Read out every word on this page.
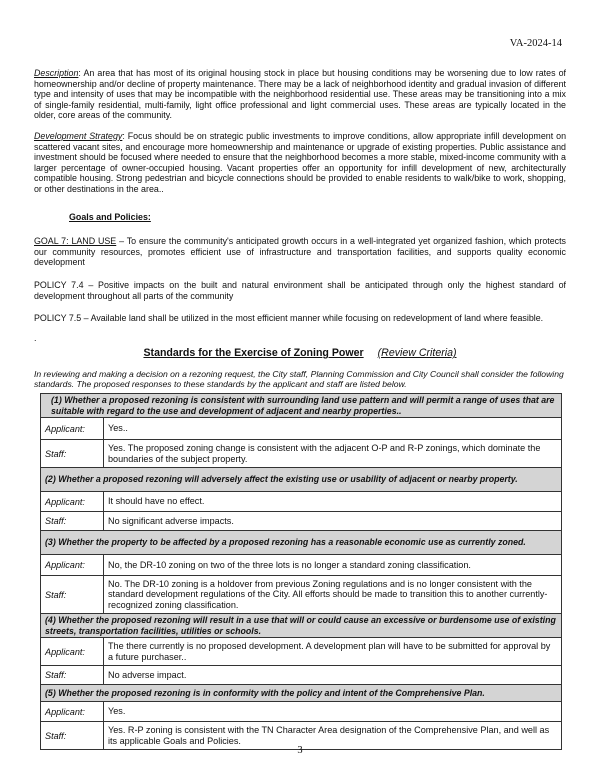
VA-2024-14
Description: An area that has most of its original housing stock in place but housing conditions may be worsening due to low rates of homeownership and/or decline of property maintenance. There may be a lack of neighborhood identity and gradual invasion of different type and intensity of uses that may be incompatible with the neighborhood residential use. These areas may be transitioning into a mix of single-family residential, multi-family, light office professional and light commercial uses. These areas are typically located in the older, core areas of the community.
Development Strategy: Focus should be on strategic public investments to improve conditions, allow appropriate infill development on scattered vacant sites, and encourage more homeownership and maintenance or upgrade of existing properties. Public assistance and investment should be focused where needed to ensure that the neighborhood becomes a more stable, mixed-income community with a larger percentage of owner-occupied housing. Vacant properties offer an opportunity for infill development of new, architecturally compatible housing. Strong pedestrian and bicycle connections should be provided to enable residents to walk/bike to work, shopping, or other destinations in the area..
Goals and Policies:
GOAL 7: LAND USE – To ensure the community's anticipated growth occurs in a well-integrated yet organized fashion, which protects our community resources, promotes efficient use of infrastructure and transportation facilities, and supports quality economic development
POLICY 7.4 – Positive impacts on the built and natural environment shall be anticipated through only the highest standard of development throughout all parts of the community
POLICY 7.5 – Available land shall be utilized in the most efficient manner while focusing on redevelopment of land where feasible.
.
Standards for the Exercise of Zoning Power (Review Criteria)
In reviewing and making a decision on a rezoning request, the City staff, Planning Commission and City Council shall consider the following standards. The proposed responses to these standards by the applicant and staff are listed below.
(1) Whether a proposed rezoning is consistent with surrounding land use pattern and will permit a range of uses that are suitable with regard to the use and development of adjacent and nearby properties..	
Applicant:	Yes..
Staff:	Yes. The proposed zoning change is consistent with the adjacent O-P and R-P zonings, which dominate the boundaries of the subject property.
(2) Whether a proposed rezoning will adversely affect the existing use or usability of adjacent or nearby property.	
Applicant:	It should have no effect.
Staff:	No significant adverse impacts.
(3) Whether the property to be affected by a proposed rezoning has a reasonable economic use as currently zoned.	
Applicant:	No, the DR-10 zoning on two of the three lots is no longer a standard zoning classification.
Staff:	No. The DR-10 zoning is a holdover from previous Zoning regulations and is no longer consistent with the standard development regulations of the City. All efforts should be made to transition this to another currently-recognized zoning classification.
(4) Whether the proposed rezoning will result in a use that will or could cause an excessive or burdensome use of existing streets, transportation facilities, utilities or schools.	
Applicant:	The there currently is no proposed development. A development plan will have to be submitted for approval by a future purchaser..
Staff:	No adverse impact.
(5) Whether the proposed rezoning is in conformity with the policy and intent of the Comprehensive Plan.	
Applicant:	Yes.
Staff:	Yes. R-P zoning is consistent with the TN Character Area designation of the Comprehensive Plan, and well as its applicable Goals and Policies.
3
